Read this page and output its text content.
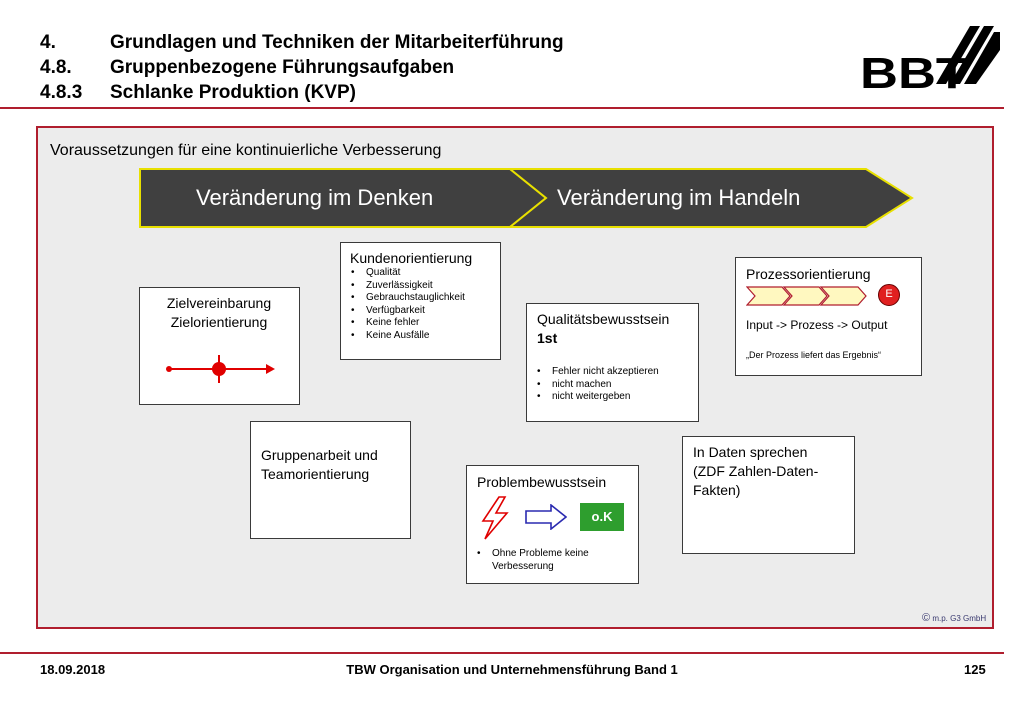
4.	Grundlagen und Techniken der Mitarbeiterführung
4.8. Gruppenbezogene Führungsaufgaben
4.8.3 Schlanke Produktion (KVP)	BBT
Voraussetzungen für eine kontinuierliche Verbesserung
Veränderung im Denken	Veränderung im Handeln
Zielvereinbarung
Zielorientierung
Kundenorientierung
• Qualität
• Zuverlässigkeit
• Gebrauchstauglichkeit
• Verfügbarkeit
• Keine fehler
• Keine Ausfälle
Qualitätsbewusstsein
1st
• Fehler nicht akzeptieren
• nicht machen
• nicht weitergeben
Prozessorientierung
E
Input -> Prozess -> Output
„Der Prozess liefert das Ergebnis“
Gruppenarbeit und
Teamorientierung	Problembewusstsein
o.K
• Ohne Probleme keine Verbesserung
In Daten sprechen
(ZDF Zahlen-Daten-
Fakten)
© m.p. G3 GmbH
18.09.2018	TBW Organisation und Unternehmensführung Band 1	125
